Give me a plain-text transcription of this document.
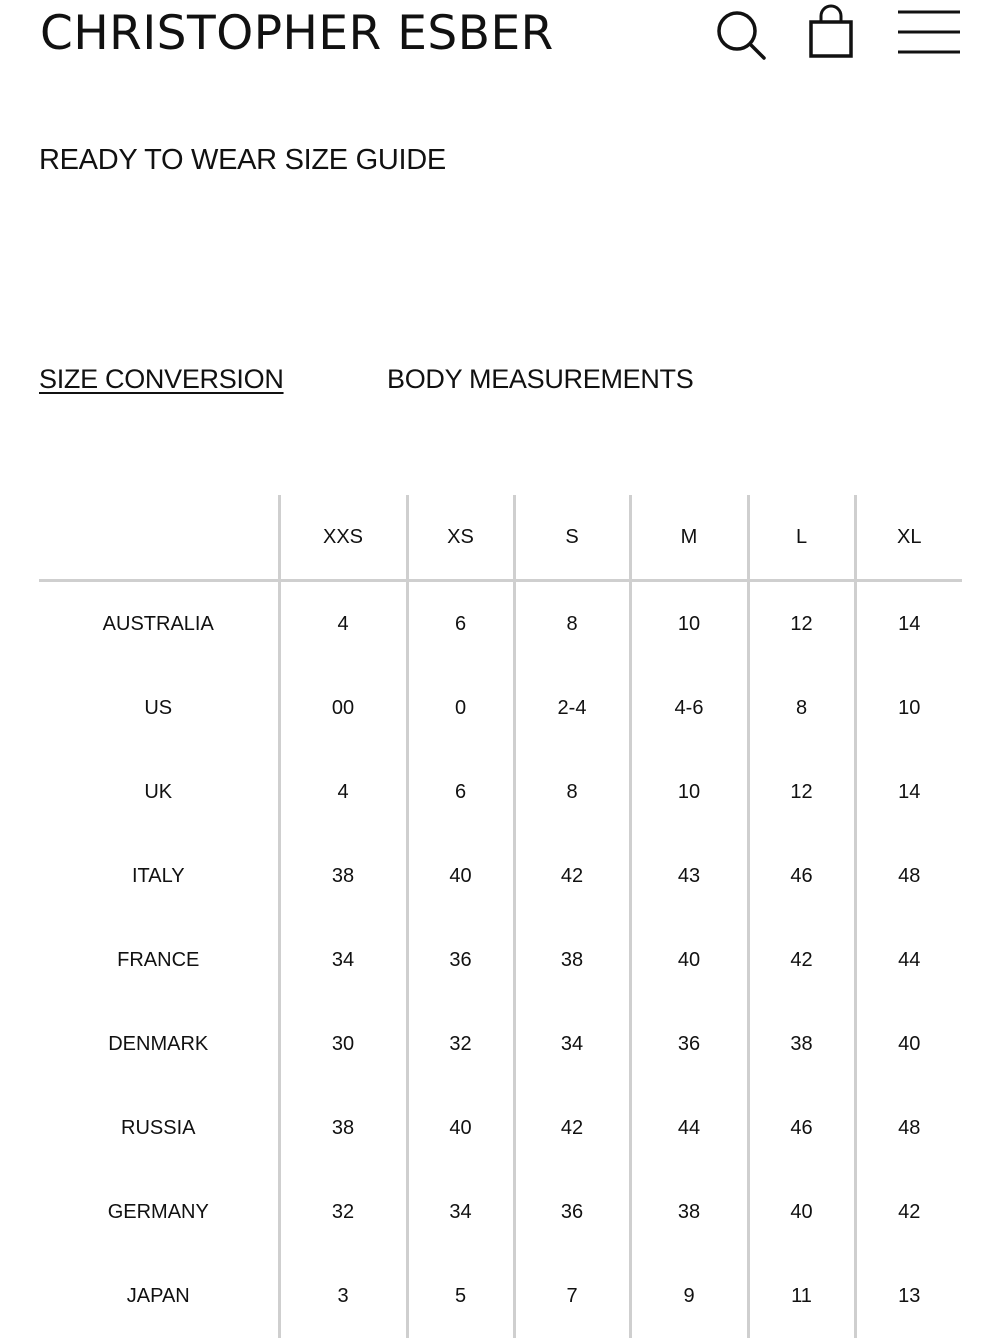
CHRISTOPHER ESBER
READY TO WEAR SIZE GUIDE
SIZE CONVERSION	BODY MEASUREMENTS
	XXS	XS	S	M	L	XL
AUSTRALIA	4	6	8	10	12	14
US	00	0	2-4	4-6	8	10
UK	4	6	8	10	12	14
ITALY	38	40	42	43	46	48
FRANCE	34	36	38	40	42	44
DENMARK	30	32	34	36	38	40
RUSSIA	38	40	42	44	46	48
GERMANY	32	34	36	38	40	42
JAPAN	3	5	7	9	11	13
